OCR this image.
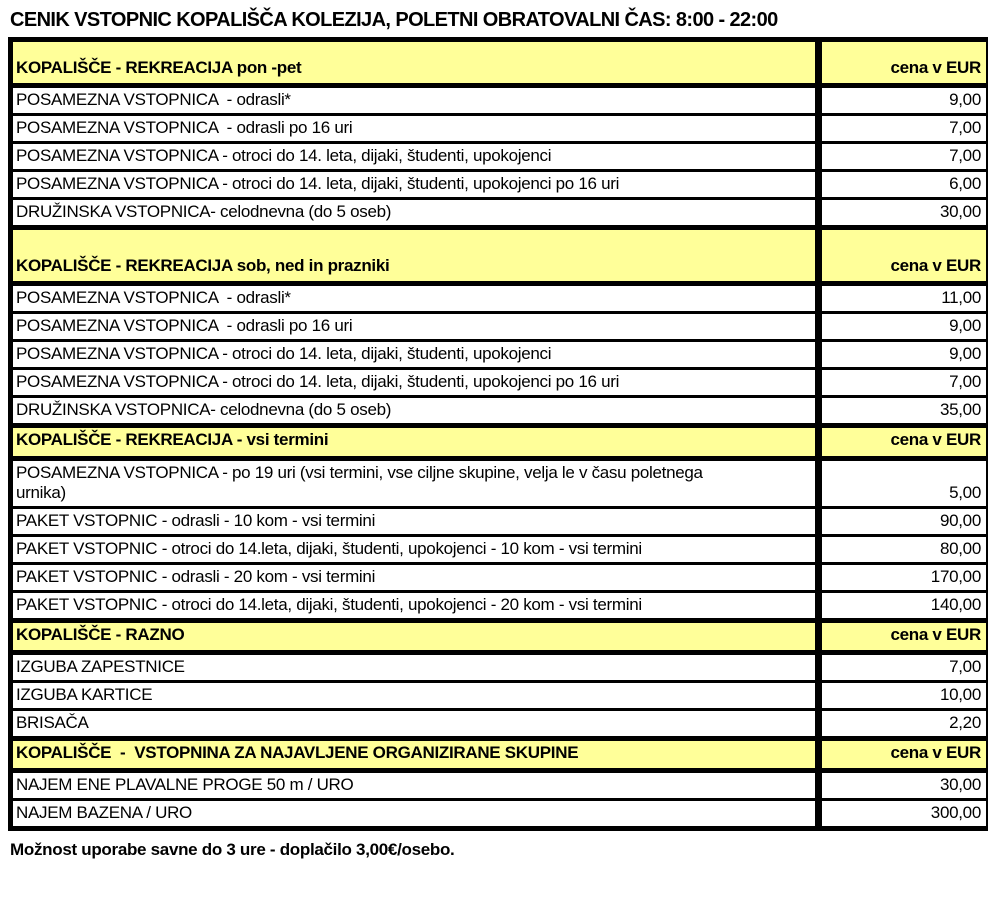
CENIK VSTOPNIC KOPALIŠČA KOLEZIJA, POLETNI OBRATOVALNI ČAS: 8:00 - 22:00
KOPALIŠČE - REKREACIJA pon -pet	cena v EUR
POSAMEZNA VSTOPNICA  - odrasli*	9,00
POSAMEZNA VSTOPNICA  - odrasli po 16 uri	7,00
POSAMEZNA VSTOPNICA - otroci do 14. leta, dijaki, študenti, upokojenci	7,00
POSAMEZNA VSTOPNICA - otroci do 14. leta, dijaki, študenti, upokojenci po 16 uri	6,00
DRUŽINSKA VSTOPNICA- celodnevna (do 5 oseb)	30,00
KOPALIŠČE - REKREACIJA sob, ned in prazniki	cena v EUR
POSAMEZNA VSTOPNICA  - odrasli*	11,00
POSAMEZNA VSTOPNICA  - odrasli po 16 uri	9,00
POSAMEZNA VSTOPNICA - otroci do 14. leta, dijaki, študenti, upokojenci	9,00
POSAMEZNA VSTOPNICA - otroci do 14. leta, dijaki, študenti, upokojenci po 16 uri	7,00
DRUŽINSKA VSTOPNICA- celodnevna (do 5 oseb)	35,00
KOPALIŠČE - REKREACIJA - vsi termini	cena v EUR
POSAMEZNA VSTOPNICA - po 19 uri (vsi termini, vse ciljne skupine, velja le v času poletnega urnika)	5,00
PAKET VSTOPNIC - odrasli - 10 kom - vsi termini	90,00
PAKET VSTOPNIC - otroci do 14.leta, dijaki, študenti, upokojenci - 10 kom - vsi termini	80,00
PAKET VSTOPNIC - odrasli - 20 kom - vsi termini	170,00
PAKET VSTOPNIC - otroci do 14.leta, dijaki, študenti, upokojenci - 20 kom - vsi termini	140,00
KOPALIŠČE - RAZNO	cena v EUR
IZGUBA ZAPESTNICE	7,00
IZGUBA KARTICE	10,00
BRISAČA	2,20
KOPALIŠČE  -  VSTOPNINA ZA NAJAVLJENE ORGANIZIRANE SKUPINE	cena v EUR
NAJEM ENE PLAVALNE PROGE 50 m / URO	30,00
NAJEM BAZENA / URO	300,00

Možnost uporabe savne do 3 ure - doplačilo 3,00€/osebo.
